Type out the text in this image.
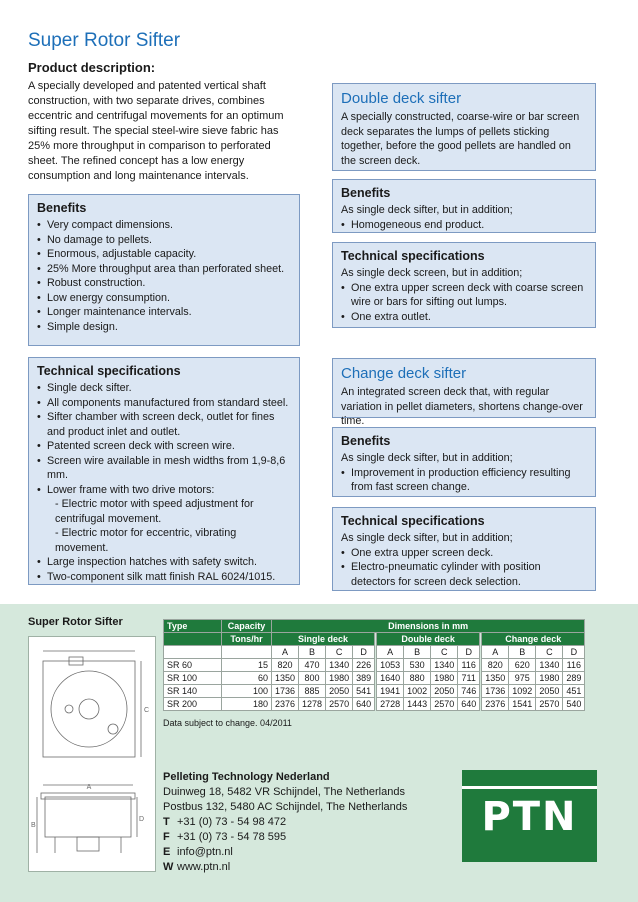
Super Rotor Sifter
Product description:
A specially developed and patented vertical shaft construction, with two separate drives, combines eccentric and centrifugal movements for an optimum sifting result. The special steel-wire sieve fabric has 25% more throughput in comparison to perforated sheet. The refined concept has a low energy consumption and long maintenance intervals.
Benefits
• Very compact dimensions.
• No damage to pellets.
• Enormous, adjustable capacity.
• 25% More throughput area than perforated sheet.
• Robust construction.
• Low energy consumption.
• Longer maintenance intervals.
• Simple design.
Technical specifications
• Single deck sifter.
• All components manufactured from standard steel.
• Sifter chamber with screen deck, outlet for fines and product inlet and outlet.
• Patented screen deck with screen wire.
• Screen wire available in mesh widths from 1,9-8,6 mm.
• Lower frame with two drive motors:
- Electric motor with speed adjustment for centrifugal movement.
- Electric motor for eccentric, vibrating movement.
• Large inspection hatches with safety switch.
• Two-component silk matt finish RAL 6024/1015.
Double deck sifter

A specially constructed, coarse-wire or bar screen deck separates the lumps of pellets sticking together, before the good pellets are handled on the screen deck.

Benefits

As single deck sifter, but in addition;

• Homogeneous end product.
Technical specifications

As single deck screen, but in addition;

• One extra upper screen deck with coarse screen wire or bars for sifting out lumps.
• One extra outlet.
Change deck sifter

An integrated screen deck that, with regular variation in pellet diameters, shortens change-over time.

Benefits

As single deck sifter, but in addition;

• Improvement in production efficiency resulting from fast screen change.
Technical specifications

As single deck sifter, but in addition;

• One extra upper screen deck.
• Electro-pneumatic cylinder with position detectors for screen deck selection.
Super Rotor Sifter
A
C
D
B
Type	Capacity	Dimensions in mm													
	Tons/hr	Single deck					Double deck					Change deck			
		A	B	C	D		A	B	C	D		A	B	C	D
SR 60	15	820	470	1340	226		1053	530	1340	116		820	620	1340	116
SR 100	60	1350	800	1980	389		1640	880	1980	711		1350	975	1980	289
SR 140	100	1736	885	2050	541		1941	1002	2050	746		1736	1092	2050	451
SR 200	180	2376	1278	2570	640		2728	1443	2570	640		2376	1541	2570	540
Data subject to change. 04/2011
Pelleting Technology Nederland
Duinweg 18, 5482 VR Schijndel, The Netherlands
Postbus 132, 5480 AC Schijndel, The Netherlands
T +31 (0) 73 - 54 98 472
F +31 (0) 73 - 54 78 595
E info@ptn.nl
W www.ptn.nl
PTN
